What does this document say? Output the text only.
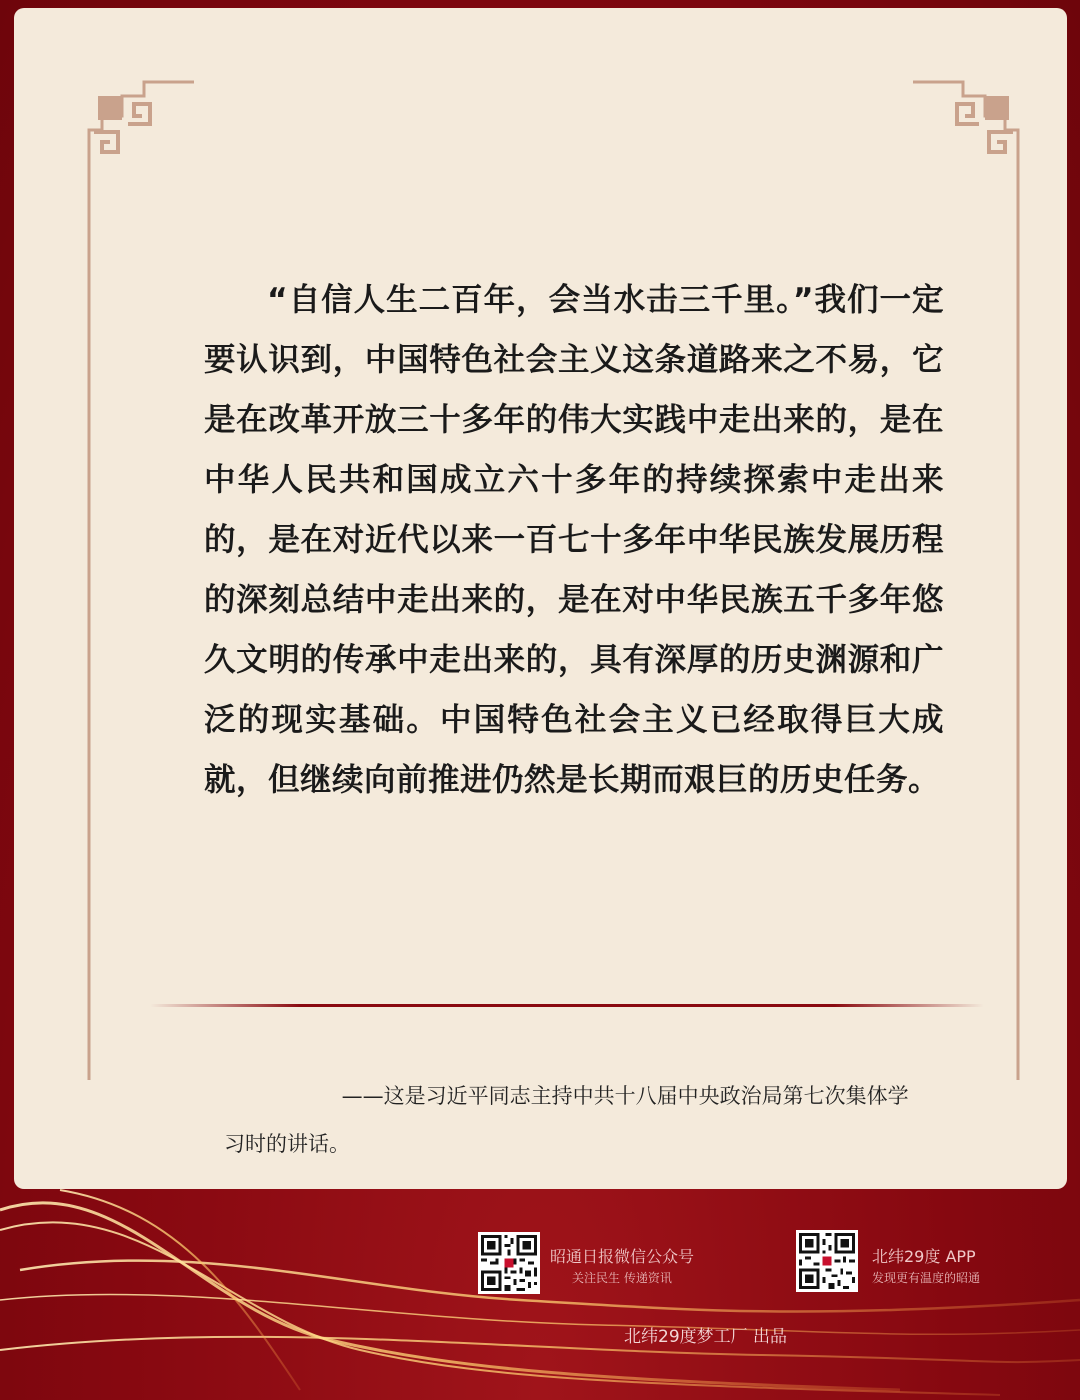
“自信人生二百年，会当水击三千里。”我们一定要认识到，中国特色社会主义这条道路来之不易，它是在改革开放三十多年的伟大实践中走出来的，是在中华人民共和国成立六十多年的持续探索中走出来的，是在对近代以来一百七十多年中华民族发展历程的深刻总结中走出来的，是在对中华民族五千多年悠久文明的传承中走出来的，具有深厚的历史渊源和广泛的现实基础。中国特色社会主义已经取得巨大成就，但继续向前推进仍然是长期而艰巨的历史任务。

——这是习近平同志主持中共十八届中央政治局第七次集体学习时的讲话。

昭通日报微信公众号
关注民生 传递资讯
北纬29度 APP
发现更有温度的昭通
北纬29度梦工厂 出品
